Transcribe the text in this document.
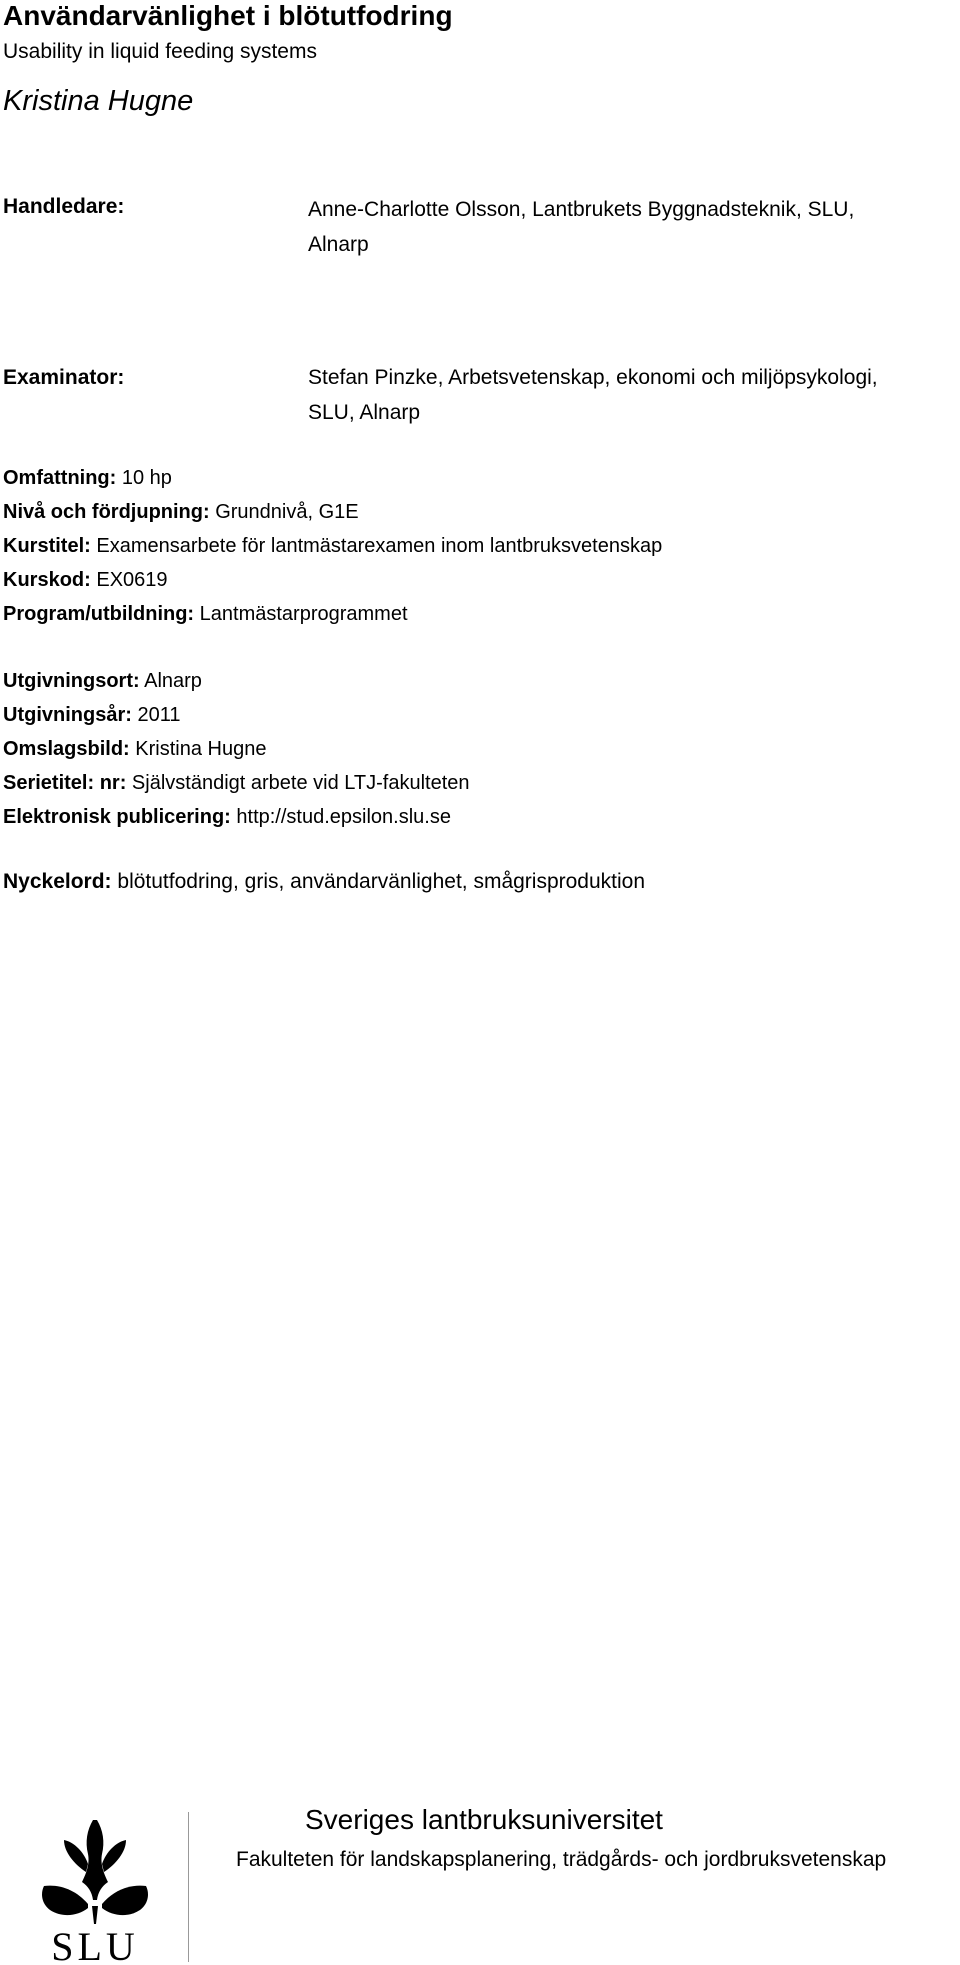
Användarvänlighet i blötutfodring
Usability in liquid feeding systems
Kristina Hugne
Handledare:	Anne-Charlotte Olsson, Lantbrukets Byggnadsteknik, SLU,
Alnarp
Examinator:	Stefan Pinzke, Arbetsvetenskap, ekonomi och miljöpsykologi,
SLU, Alnarp
Omfattning: 10 hp
Nivå och fördjupning: Grundnivå, G1E
Kurstitel: Examensarbete för lantmästarexamen inom lantbruksvetenskap
Kurskod: EX0619
Program/utbildning: Lantmästarprogrammet
Utgivningsort: Alnarp
Utgivningsår: 2011
Omslagsbild: Kristina Hugne
Serietitel: nr: Självständigt arbete vid LTJ-fakulteten
Elektronisk publicering: http://stud.epsilon.slu.se
Nyckelord: blötutfodring, gris, användarvänlighet, smågrisproduktion
SLU
Sveriges lantbruksuniversitet
Fakulteten för landskapsplanering, trädgårds- och jordbruksvetenskap
